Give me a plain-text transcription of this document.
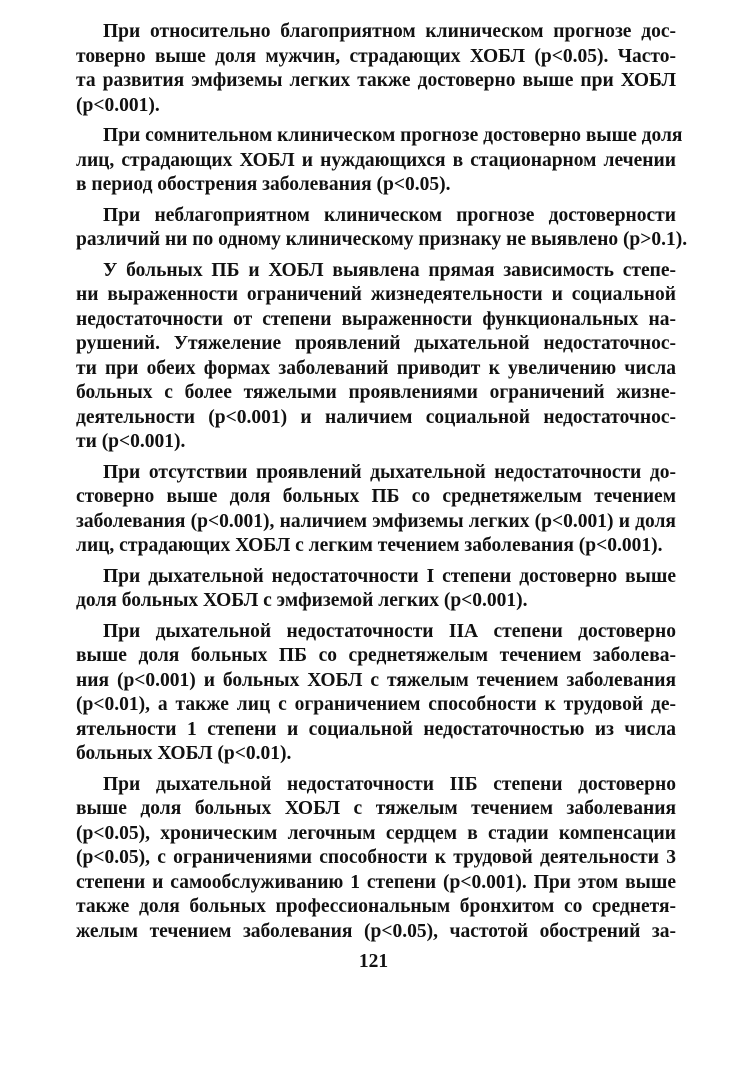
При относительно благоприятном клиническом прогнозе дос-
товерно выше доля мужчин, страдающих ХОБЛ (р<0.05). Часто-
та развития эмфиземы легких также достоверно выше при ХОБЛ
(р<0.001).
При сомнительном клиническом прогнозе достоверно выше доля
лиц, страдающих ХОБЛ и нуждающихся в стационарном лечении
в период обострения заболевания (р<0.05).
При неблагоприятном клиническом прогнозе достоверности
различий ни по одному клиническому признаку не выявлено (р>0.1).
У больных ПБ и ХОБЛ выявлена прямая зависимость степе-
ни выраженности ограничений жизнедеятельности и социальной
недостаточности от степени выраженности функциональных на-
рушений. Утяжеление проявлений дыхательной недостаточнос-
ти при обеих формах заболеваний приводит к увеличению числа
больных с более тяжелыми проявлениями ограничений жизне-
деятельности (р<0.001) и наличием социальной недостаточнос-
ти (р<0.001).
При отсутствии проявлений дыхательной недостаточности до-
стоверно выше доля больных ПБ со среднетяжелым течением
заболевания (р<0.001), наличием эмфиземы легких (р<0.001) и доля
лиц, страдающих ХОБЛ с легким течением заболевания (р<0.001).
При дыхательной недостаточности I степени достоверно выше
доля больных ХОБЛ с эмфиземой легких (р<0.001).
При дыхательной недостаточности IIА степени достоверно
выше доля больных ПБ со среднетяжелым течением заболева-
ния (р<0.001) и больных ХОБЛ с тяжелым течением заболевания
(р<0.01), а также лиц с ограничением способности к трудовой де-
ятельности 1 степени и социальной недостаточностью из числа
больных ХОБЛ (р<0.01).
При дыхательной недостаточности IIБ степени достоверно
выше доля больных ХОБЛ с тяжелым течением заболевания
(р<0.05), хроническим легочным сердцем в стадии компенсации
(р<0.05), с ограничениями способности к трудовой деятельности 3
степени и самообслуживанию 1 степени (р<0.001). При этом выше
также доля больных профессиональным бронхитом со среднетя-
желым течением заболевания (р<0.05), частотой обострений за-
121
